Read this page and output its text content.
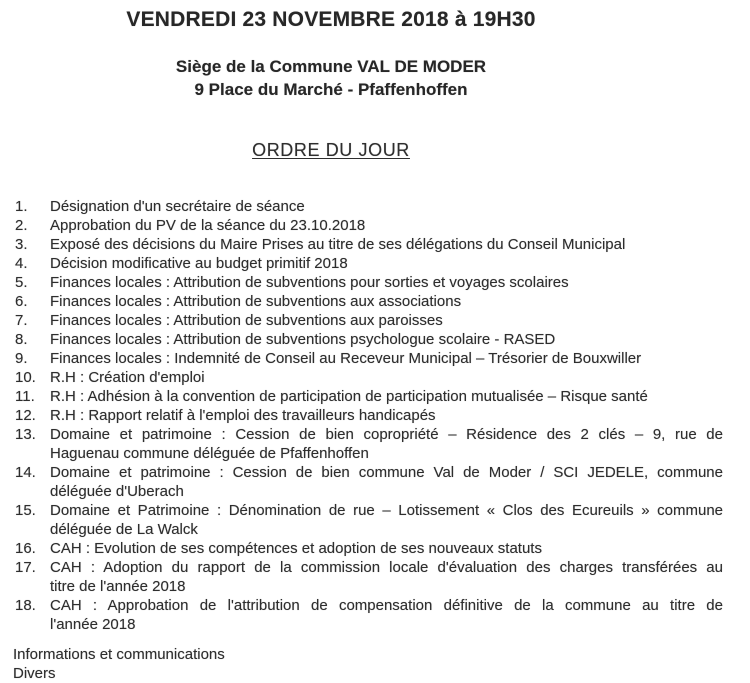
VENDREDI 23 NOVEMBRE 2018 à 19H30
Siège de la Commune VAL DE MODER
9 Place du Marché - Pfaffenhoffen
ORDRE DU JOUR
1. Désignation d'un secrétaire de séance
2. Approbation du PV de la séance du 23.10.2018
3. Exposé des décisions du Maire Prises au titre de ses délégations du Conseil Municipal
4. Décision modificative au budget primitif 2018
5. Finances locales : Attribution de subventions pour sorties et voyages scolaires
6. Finances locales : Attribution de subventions aux associations
7. Finances locales : Attribution de subventions aux paroisses
8. Finances locales : Attribution de subventions psychologue scolaire - RASED
9. Finances locales : Indemnité de Conseil au Receveur Municipal – Trésorier de Bouxwiller
10. R.H : Création d'emploi
11. R.H : Adhésion à la convention de participation de participation mutualisée – Risque santé
12. R.H : Rapport relatif à l'emploi des travailleurs handicapés
13. Domaine et patrimoine : Cession de bien copropriété – Résidence des 2 clés – 9, rue de
Haguenau commune déléguée de Pfaffenhoffen
14. Domaine et patrimoine : Cession de bien commune Val de Moder / SCI JEDELE, commune
déléguée d'Uberach
15. Domaine et Patrimoine : Dénomination de rue – Lotissement « Clos des Ecureuils » commune
déléguée de La Walck
16. CAH : Evolution de ses compétences et adoption de ses nouveaux statuts
17. CAH : Adoption du rapport de la commission locale d'évaluation des charges transférées au
titre de l'année 2018
18. CAH : Approbation de l'attribution de compensation définitive de la commune au titre de
l'année 2018
Informations et communications
Divers
